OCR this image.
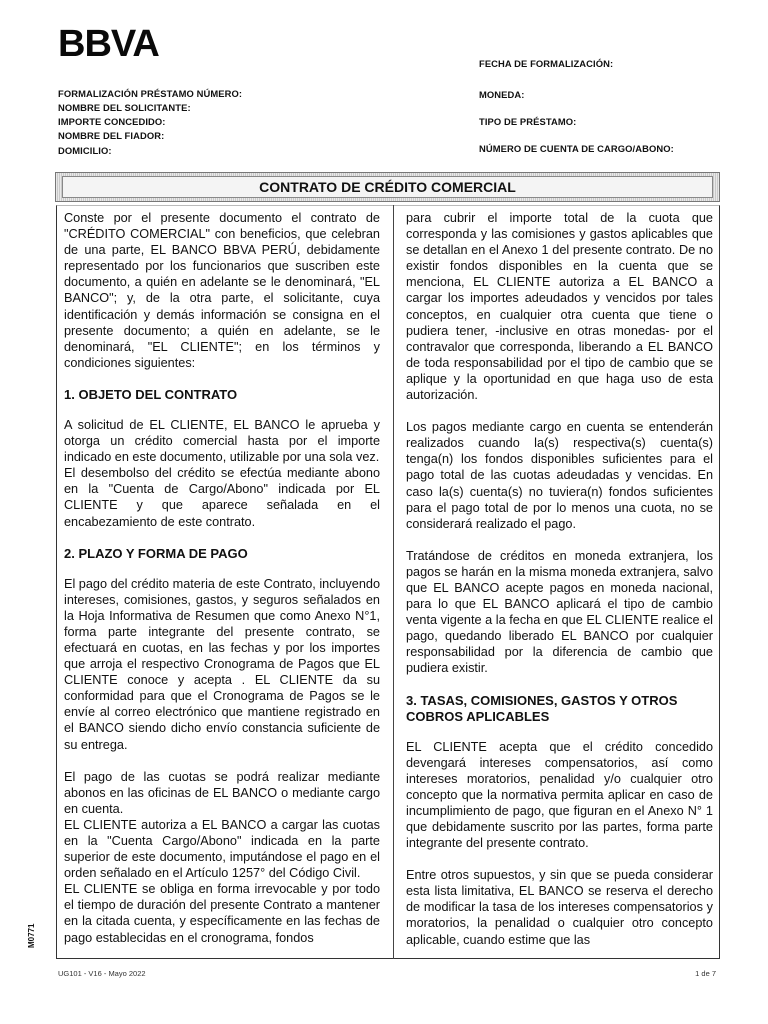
BBVA	FECHA DE FORMALIZACIÓN:
FORMALIZACIÓN PRÉSTAMO NÚMERO:
NOMBRE DEL SOLICITANTE:
IMPORTE CONCEDIDO:
NOMBRE DEL FIADOR:
DOMICILIO:
MONEDA:
TIPO DE PRÉSTAMO:
NÚMERO DE CUENTA DE CARGO/ABONO:
CONTRATO DE CRÉDITO COMERCIAL

Conste por el presente documento el contrato de "CRÉDITO COMERCIAL" con beneficios, que celebran de una parte, EL BANCO BBVA PERÚ, debidamente representado por los funcionarios que suscriben este documento, a quién en adelante se le denominará, "EL BANCO"; y, de la otra parte, el solicitante, cuya identificación y demás información se consigna en el presente documento; a quién en adelante, se le denominará, "EL CLIENTE"; en los términos y condiciones siguientes:

1. OBJETO DEL CONTRATO

A solicitud de EL CLIENTE, EL BANCO le aprueba y otorga un crédito comercial hasta por el importe indicado en este documento, utilizable por una sola vez.

El desembolso del crédito se efectúa mediante abono en la "Cuenta de Cargo/Abono" indicada por EL CLIENTE y que aparece señalada en el encabezamiento de este contrato.

2. PLAZO Y FORMA DE PAGO

El pago del crédito materia de este Contrato, incluyendo intereses, comisiones, gastos, y seguros señalados en la Hoja Informativa de Resumen que como Anexo N°1, forma parte integrante del presente contrato, se efectuará en cuotas, en las fechas y por los importes que arroja el respectivo Cronograma de Pagos que EL CLIENTE conoce y acepta . EL CLIENTE da su conformidad para que el Cronograma de Pagos se le envíe al correo electrónico que mantiene registrado en el BANCO siendo dicho envío constancia suficiente de su entrega.

El pago de las cuotas se podrá realizar mediante abonos en las oficinas de EL BANCO o mediante cargo en cuenta.

EL CLIENTE autoriza a EL BANCO a cargar las cuotas en la "Cuenta Cargo/Abono" indicada en la parte superior de este documento, imputándose el pago en el orden señalado en el Artículo 1257° del Código Civil.

EL CLIENTE se obliga en forma irrevocable y por todo el tiempo de duración del presente Contrato a mantener en la citada cuenta, y específicamente en las fechas de pago establecidas en el cronograma, fondos

para cubrir el importe total de la cuota que corresponda y las comisiones y gastos aplicables que se detallan en el Anexo 1 del presente contrato. De no existir fondos disponibles en la cuenta que se menciona, EL CLIENTE autoriza a EL BANCO a cargar los importes adeudados y vencidos por tales conceptos, en cualquier otra cuenta que tiene o pudiera tener, -inclusive en otras monedas- por el contravalor que corresponda, liberando a EL BANCO de toda responsabilidad por el tipo de cambio que se aplique y la oportunidad en que haga uso de esta autorización.

Los pagos mediante cargo en cuenta se entenderán realizados cuando la(s) respectiva(s) cuenta(s) tenga(n) los fondos disponibles suficientes para el pago total de las cuotas adeudadas y vencidas. En caso la(s) cuenta(s) no tuviera(n) fondos suficientes para el pago total de por lo menos una cuota, no se considerará realizado el pago.

Tratándose de créditos en moneda extranjera, los pagos se harán en la misma moneda extranjera, salvo que EL BANCO acepte pagos en moneda nacional, para lo que EL BANCO aplicará el tipo de cambio venta vigente a la fecha en que EL CLIENTE realice el pago, quedando liberado EL BANCO por cualquier responsabilidad por la diferencia de cambio que pudiera existir.

3. TASAS, COMISIONES, GASTOS Y OTROS COBROS APLICABLES

EL CLIENTE acepta que el crédito concedido devengará intereses compensatorios, así como intereses moratorios, penalidad y/o cualquier otro concepto que la normativa permita aplicar en caso de incumplimiento de pago, que figuran en el Anexo N° 1 que debidamente suscrito por las partes, forma parte integrante del presente contrato.

Entre otros supuestos, y sin que se pueda considerar esta lista limitativa, EL BANCO se reserva el derecho de modificar la tasa de los intereses compensatorios y moratorios, la penalidad o cualquier otro concepto aplicable, cuando estime que las

M0771
UG101 - V16 - Mayo 2022	1 de 7
